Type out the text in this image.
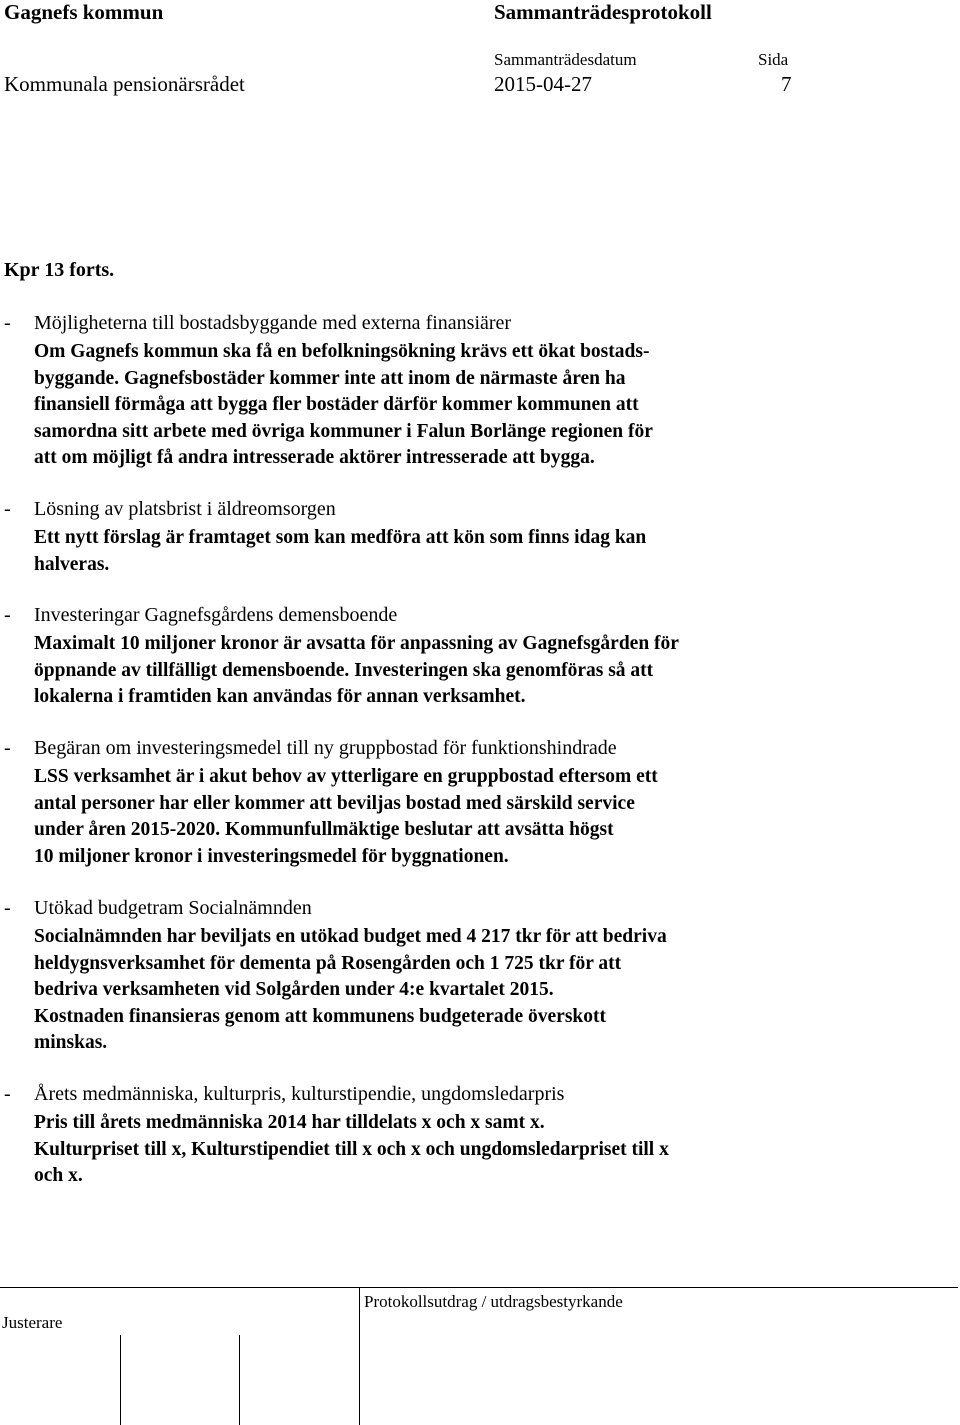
Gagnefs kommun	Sammanträdesprotokoll
Sammanträdesdatum	Sida
Kommunala pensionärsrådet	2015-04-27	7
Kpr 13 forts.
- Möjligheterna till bostadsbyggande med externa finansiärer
Om Gagnefs kommun ska få en befolkningsökning krävs ett ökat bostads-
byggande. Gagnefsbostäder kommer inte att inom de närmaste åren ha
finansiell förmåga att bygga fler bostäder därför kommer kommunen att
samordna sitt arbete med övriga kommuner i Falun Borlänge regionen för
att om möjligt få andra intresserade aktörer intresserade att bygga.
- Lösning av platsbrist i äldreomsorgen
Ett nytt förslag är framtaget som kan medföra att kön som finns idag kan
halveras.
- Investeringar Gagnefsgårdens demensboende
Maximalt 10 miljoner kronor är avsatta för anpassning av Gagnefsgården för
öppnande av tillfälligt demensboende. Investeringen ska genomföras så att
lokalerna i framtiden kan användas för annan verksamhet.
- Begäran om investeringsmedel till ny gruppbostad för funktionshindrade
LSS verksamhet är i akut behov av ytterligare en gruppbostad eftersom ett
antal personer har eller kommer att beviljas bostad med särskild service
under åren 2015-2020. Kommunfullmäktige beslutar att avsätta högst
10 miljoner kronor i investeringsmedel för byggnationen.
- Utökad budgetram Socialnämnden
Socialnämnden har beviljats en utökad budget med 4 217 tkr för att bedriva
heldygnsverksamhet för dementa på Rosengården och 1 725 tkr för att
bedriva verksamheten vid Solgården under 4:e kvartalet 2015.
Kostnaden finansieras genom att kommunens budgeterade överskott
minskas.
- Årets medmänniska, kulturpris, kulturstipendie, ungdomsledarpris
Pris till årets medmänniska 2014 har tilldelats x och x samt x.
Kulturpriset till x, Kulturstipendiet till x och x och ungdomsledarpriset till x
och x.
Justerare
Protokollsutdrag / utdragsbestyrkande
